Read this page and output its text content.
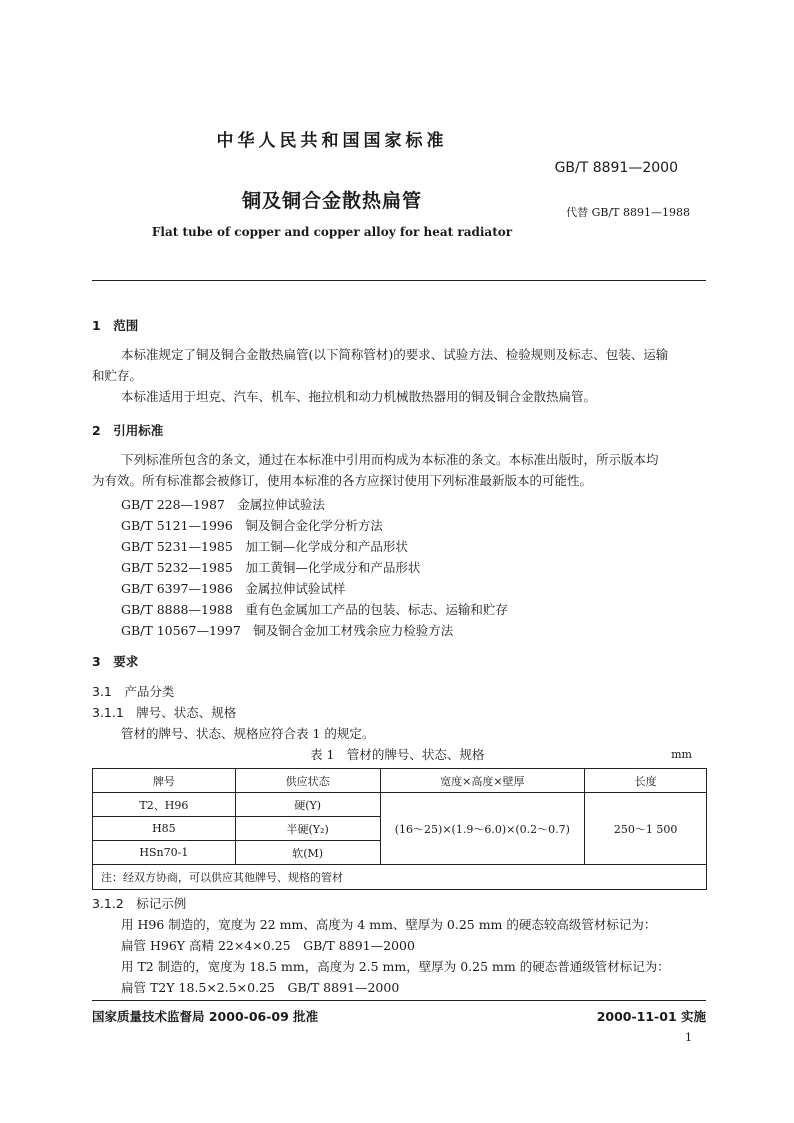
中华人民共和国国家标准
GB/T 8891—2000
铜及铜合金散热扁管
代替 GB/T 8891—1988
Flat tube of copper and copper alloy for heat radiator
1　范围
本标准规定了铜及铜合金散热扁管(以下简称管材)的要求、试验方法、检验规则及标志、包装、运输
和贮存。
本标准适用于坦克、汽车、机车、拖拉机和动力机械散热器用的铜及铜合金散热扁管。
2　引用标准
下列标准所包含的条文，通过在本标准中引用而构成为本标准的条文。本标准出版时，所示版本均
为有效。所有标准都会被修订，使用本标准的各方应探讨使用下列标准最新版本的可能性。
GB/T 228—1987　金属拉伸试验法
GB/T 5121—1996　铜及铜合金化学分析方法
GB/T 5231—1985　加工铜—化学成分和产品形状
GB/T 5232—1985　加工黄铜—化学成分和产品形状
GB/T 6397—1986　金属拉伸试验试样
GB/T 8888—1988　重有色金属加工产品的包装、标志、运输和贮存
GB/T 10567—1997　铜及铜合金加工材残余应力检验方法
3　要求
3.1　产品分类
3.1.1　牌号、状态、规格
管材的牌号、状态、规格应符合表 1 的规定。
表 1　管材的牌号、状态、规格	mm
牌号	供应状态	宽度×高度×壁厚	长度
T2、H96	硬(Y)	(16～25)×(1.9～6.0)×(0.2～0.7)	250～1 500
H85	半硬(Y₂)		
HSn70-1	软(M)		
注：经双方协商，可以供应其他牌号、规格的管材			
3.1.2　标记示例
用 H96 制造的，宽度为 22 mm、高度为 4 mm、壁厚为 0.25 mm 的硬态较高级管材标记为：
扁管 H96Y 高精 22×4×0.25　GB/T 8891—2000
用 T2 制造的，宽度为 18.5 mm，高度为 2.5 mm，壁厚为 0.25 mm 的硬态普通级管材标记为：
扁管 T2Y 18.5×2.5×0.25　GB/T 8891—2000
国家质量技术监督局 2000-06-09 批准	2000-11-01 实施
1
